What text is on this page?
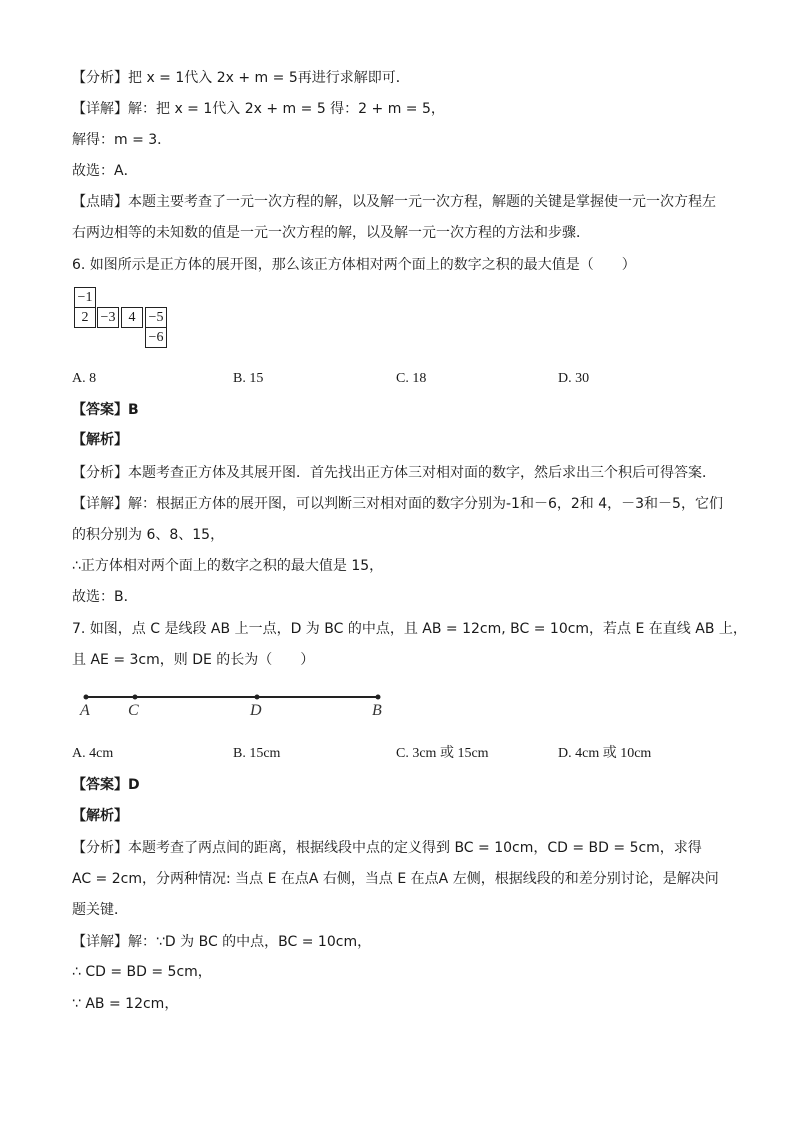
【分析】把 x = 1代入 2x + m = 5再进行求解即可．
【详解】解：把 x = 1代入 2x + m = 5 得：2 + m = 5，
解得：m = 3．
故选：A．
【点睛】本题主要考查了一元一次方程的解，以及解一元一次方程，解题的关键是掌握使一元一次方程左
右两边相等的未知数的值是一元一次方程的解，以及解一元一次方程的方法和步骤．
6. 如图所示是正方体的展开图，那么该正方体相对两个面上的数字之积的最大值是（　　）
−1
2 −3 4 −5
−6
A. 8	B. 15	C. 18	D. 30
【答案】B
【解析】
【分析】本题考查正方体及其展开图．首先找出正方体三对相对面的数字，然后求出三个积后可得答案．
【详解】解：根据正方体的展开图，可以判断三对相对面的数字分别为-1和－6，2和 4，－3和－5，它们
的积分别为 6、8、15，
∴正方体相对两个面上的数字之积的最大值是 15，
故选：B．
7. 如图，点 C 是线段 AB 上一点，D 为 BC 的中点，且 AB = 12cm, BC = 10cm，若点 E 在直线 AB 上，
且 AE = 3cm，则 DE 的长为（　　）
A C	D	B
A. 4cm	B. 15cm	C. 3cm 或 15cm	D. 4cm 或 10cm
【答案】D
【解析】
【分析】本题考查了两点间的距离，根据线段中点的定义得到 BC = 10cm，CD = BD = 5cm，求得
AC = 2cm，分两种情况: 当点 E 在点A 右侧，当点 E 在点A 左侧，根据线段的和差分别讨论，是解决问
题关键．
【详解】解：∵D 为 BC 的中点，BC = 10cm，
∴ CD = BD = 5cm，
∵ AB = 12cm，
